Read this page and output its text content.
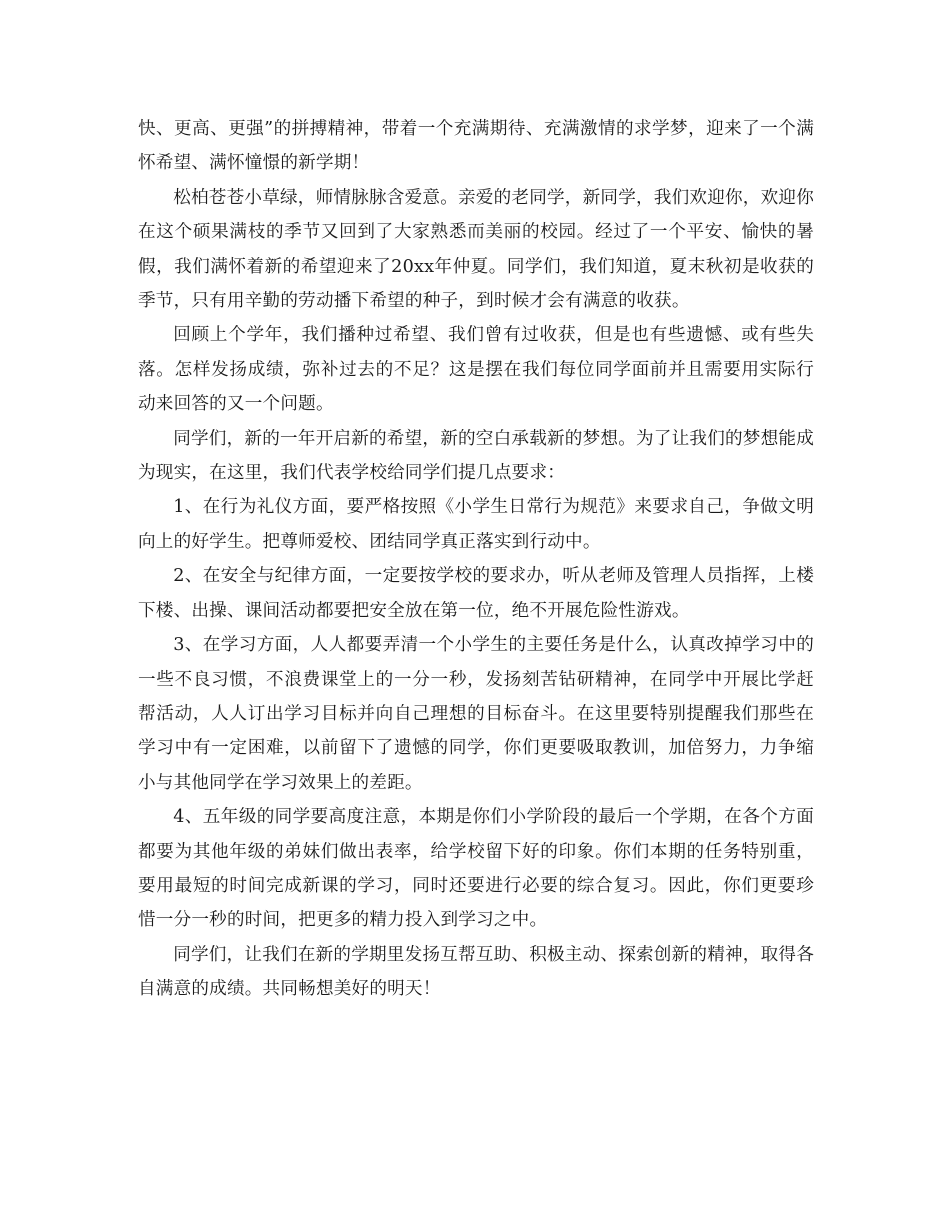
快、更高、更强”的拼搏精神，带着一个充满期待、充满激情的求学梦，迎来了一个满怀希望、满怀憧憬的新学期！

松柏苍苍小草绿，师情脉脉含爱意。亲爱的老同学，新同学，我们欢迎你，欢迎你在这个硕果满枝的季节又回到了大家熟悉而美丽的校园。经过了一个平安、愉快的暑假，我们满怀着新的希望迎来了20xx年仲夏。同学们，我们知道，夏末秋初是收获的季节，只有用辛勤的劳动播下希望的种子，到时候才会有满意的收获。

回顾上个学年，我们播种过希望、我们曾有过收获，但是也有些遗憾、或有些失落。怎样发扬成绩，弥补过去的不足？这是摆在我们每位同学面前并且需要用实际行动来回答的又一个问题。

同学们，新的一年开启新的希望，新的空白承载新的梦想。为了让我们的梦想能成为现实，在这里，我们代表学校给同学们提几点要求：

1、在行为礼仪方面，要严格按照《小学生日常行为规范》来要求自己，争做文明向上的好学生。把尊师爱校、团结同学真正落实到行动中。

2、在安全与纪律方面，一定要按学校的要求办，听从老师及管理人员指挥，上楼下楼、出操、课间活动都要把安全放在第一位，绝不开展危险性游戏。

3、在学习方面，人人都要弄清一个小学生的主要任务是什么，认真改掉学习中的一些不良习惯，不浪费课堂上的一分一秒，发扬刻苦钻研精神，在同学中开展比学赶帮活动，人人订出学习目标并向自己理想的目标奋斗。在这里要特别提醒我们那些在学习中有一定困难，以前留下了遗憾的同学，你们更要吸取教训，加倍努力，力争缩小与其他同学在学习效果上的差距。

4、五年级的同学要高度注意，本期是你们小学阶段的最后一个学期，在各个方面都要为其他年级的弟妹们做出表率，给学校留下好的印象。你们本期的任务特别重，要用最短的时间完成新课的学习，同时还要进行必要的综合复习。因此，你们更要珍惜一分一秒的时间，把更多的精力投入到学习之中。

同学们，让我们在新的学期里发扬互帮互助、积极主动、探索创新的精神，取得各自满意的成绩。共同畅想美好的明天！
